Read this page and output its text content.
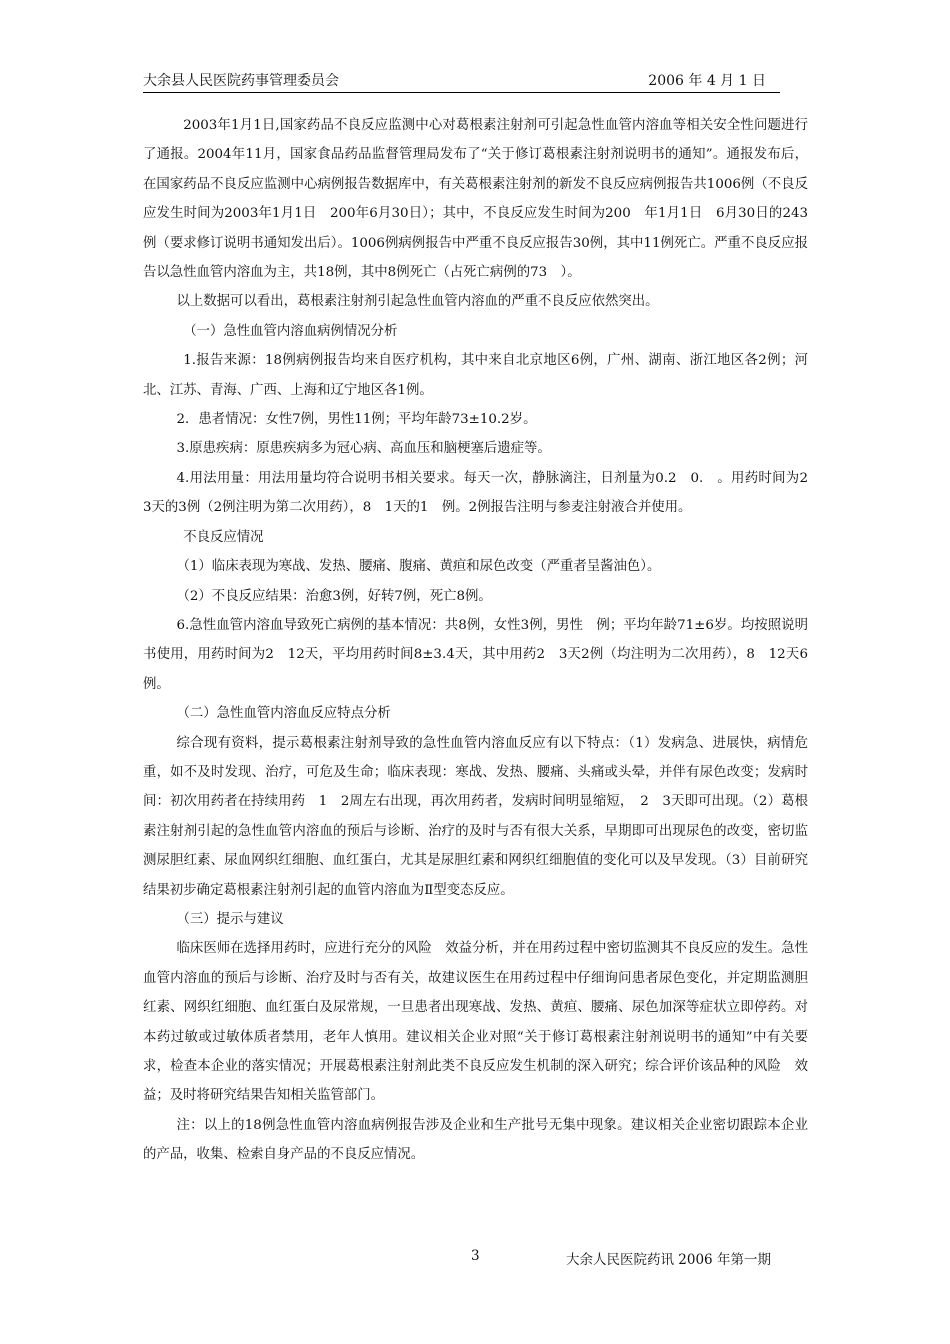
大余县人民医院药事管理委员会	2006 年 4 月 1 日

2003年1月1日,国家药品不良反应监测中心对葛根素注射剂可引起急性血管内溶血等相关安全性问题进行了通报。2004年11月，国家食品药品监督管理局发布了“关于修订葛根素注射剂说明书的通知”。通报发布后，在国家药品不良反应监测中心病例报告数据库中，有关葛根素注射剂的新发不良反应病例报告共1006例（不良反应发生时间为2003年1月1日　200年6月30日）；其中，不良反应发生时间为200　年1月1日　6月30日的243例（要求修订说明书通知发出后）。1006例病例报告中严重不良反应报告30例，其中11例死亡。严重不良反应报告以急性血管内溶血为主，共18例，其中8例死亡（占死亡病例的73　）。

以上数据可以看出，葛根素注射剂引起急性血管内溶血的严重不良反应依然突出。

（一）急性血管内溶血病例情况分析

1.报告来源：18例病例报告均来自医疗机构，其中来自北京地区6例，广州、湖南、浙江地区各2例；河北、江苏、青海、广西、上海和辽宁地区各1例。

2．患者情况：女性7例，男性11例；平均年龄73±10.2岁。

3.原患疾病：原患疾病多为冠心病、高血压和脑梗塞后遗症等。

4.用法用量：用法用量均符合说明书相关要求。每天一次，静脉滴注，日剂量为0.2　0.　。用药时间为2　3天的3例（2例注明为第二次用药），8　1天的1　例。2例报告注明与参麦注射液合并使用。

不良反应情况

（1）临床表现为寒战、发热、腰痛、腹痛、黄疸和尿色改变（严重者呈酱油色）。

（2）不良反应结果：治愈3例，好转7例，死亡8例。

6.急性血管内溶血导致死亡病例的基本情况：共8例，女性3例，男性　例；平均年龄71±6岁。均按照说明书使用，用药时间为2　12天，平均用药时间8±3.4天，其中用药2　3天2例（均注明为二次用药），8　12天6例。

（二）急性血管内溶血反应特点分析

综合现有资料，提示葛根素注射剂导致的急性血管内溶血反应有以下特点：（1）发病急、进展快，病情危重，如不及时发现、治疗，可危及生命；临床表现：寒战、发热、腰痛、头痛或头晕，并伴有尿色改变；发病时间：初次用药者在持续用药　1　2周左右出现，再次用药者，发病时间明显缩短，　2　3天即可出现。（2）葛根素注射剂引起的急性血管内溶血的预后与诊断、治疗的及时与否有很大关系，早期即可出现尿色的改变，密切监测尿胆红素、尿血网织红细胞、血红蛋白，尤其是尿胆红素和网织红细胞值的变化可以及早发现。（3）目前研究结果初步确定葛根素注射剂引起的血管内溶血为Ⅱ型变态反应。

（三）提示与建议

临床医师在选择用药时，应进行充分的风险　效益分析，并在用药过程中密切监测其不良反应的发生。急性血管内溶血的预后与诊断、治疗及时与否有关，故建议医生在用药过程中仔细询问患者尿色变化，并定期监测胆红素、网织红细胞、血红蛋白及尿常规，一旦患者出现寒战、发热、黄疸、腰痛、尿色加深等症状立即停药。对本药过敏或过敏体质者禁用，老年人慎用。建议相关企业对照“关于修订葛根素注射剂说明书的通知”中有关要求，检查本企业的落实情况；开展葛根素注射剂此类不良反应发生机制的深入研究；综合评价该品种的风险　效益；及时将研究结果告知相关监管部门。

注：以上的18例急性血管内溶血病例报告涉及企业和生产批号无集中现象。建议相关企业密切跟踪本企业的产品，收集、检索自身产品的不良反应情况。

3	大余人民医院药讯 2006 年第一期
